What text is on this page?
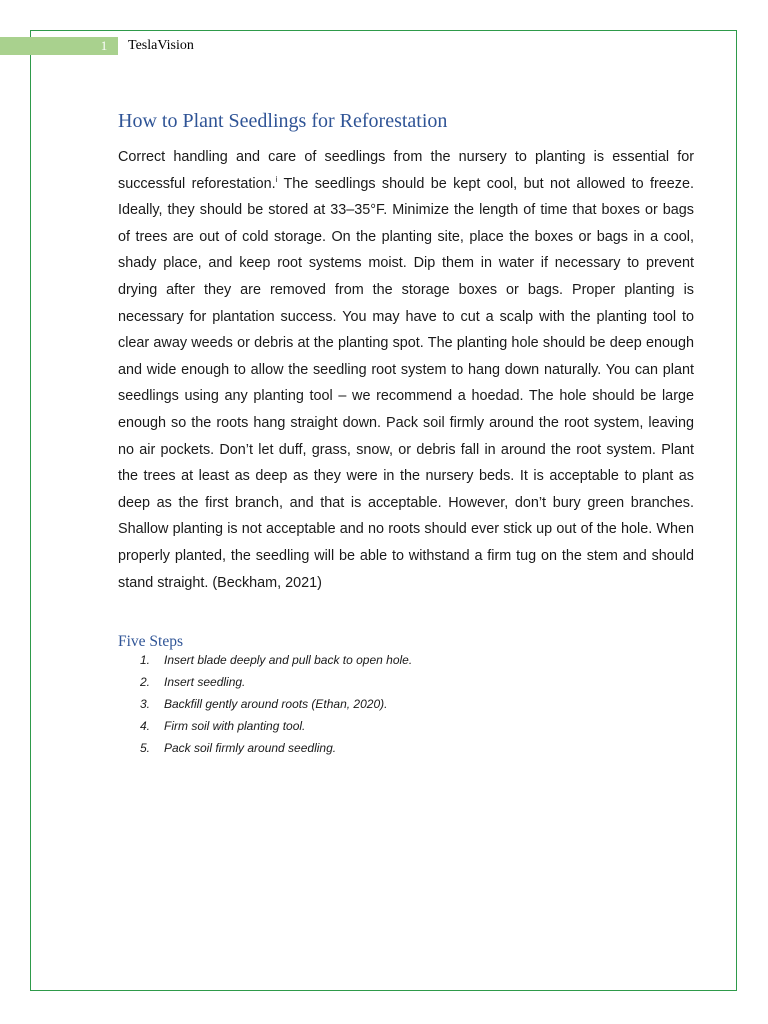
1	TeslaVision
How to Plant Seedlings for Reforestation

Correct handling and care of seedlings from the nursery to planting is essential for successful reforestation.$^i$ The seedlings should be kept cool, but not allowed to freeze. Ideally, they should be stored at 33–35°F. Minimize the length of time that boxes or bags of trees are out of cold storage. On the planting site, place the boxes or bags in a cool, shady place, and keep root systems moist. Dip them in water if necessary to prevent drying after they are removed from the storage boxes or bags. Proper planting is necessary for plantation success. You may have to cut a scalp with the planting tool to clear away weeds or debris at the planting spot. The planting hole should be deep enough and wide enough to allow the seedling root system to hang down naturally. You can plant seedlings using any planting tool – we recommend a hoedad. The hole should be large enough so the roots hang straight down. Pack soil firmly around the root system, leaving no air pockets. Don’t let duff, grass, snow, or debris fall in around the root system. Plant the trees at least as deep as they were in the nursery beds. It is acceptable to plant as deep as the first branch, and that is acceptable. However, don’t bury green branches. Shallow planting is not acceptable and no roots should ever stick up out of the hole. When properly planted, the seedling will be able to withstand a firm tug on the stem and should stand straight. (Beckham, 2021)

Five Steps
1. Insert blade deeply and pull back to open hole.
2. Insert seedling.
3. Backfill gently around roots (Ethan, 2020).
4. Firm soil with planting tool.
5. Pack soil firmly around seedling.
